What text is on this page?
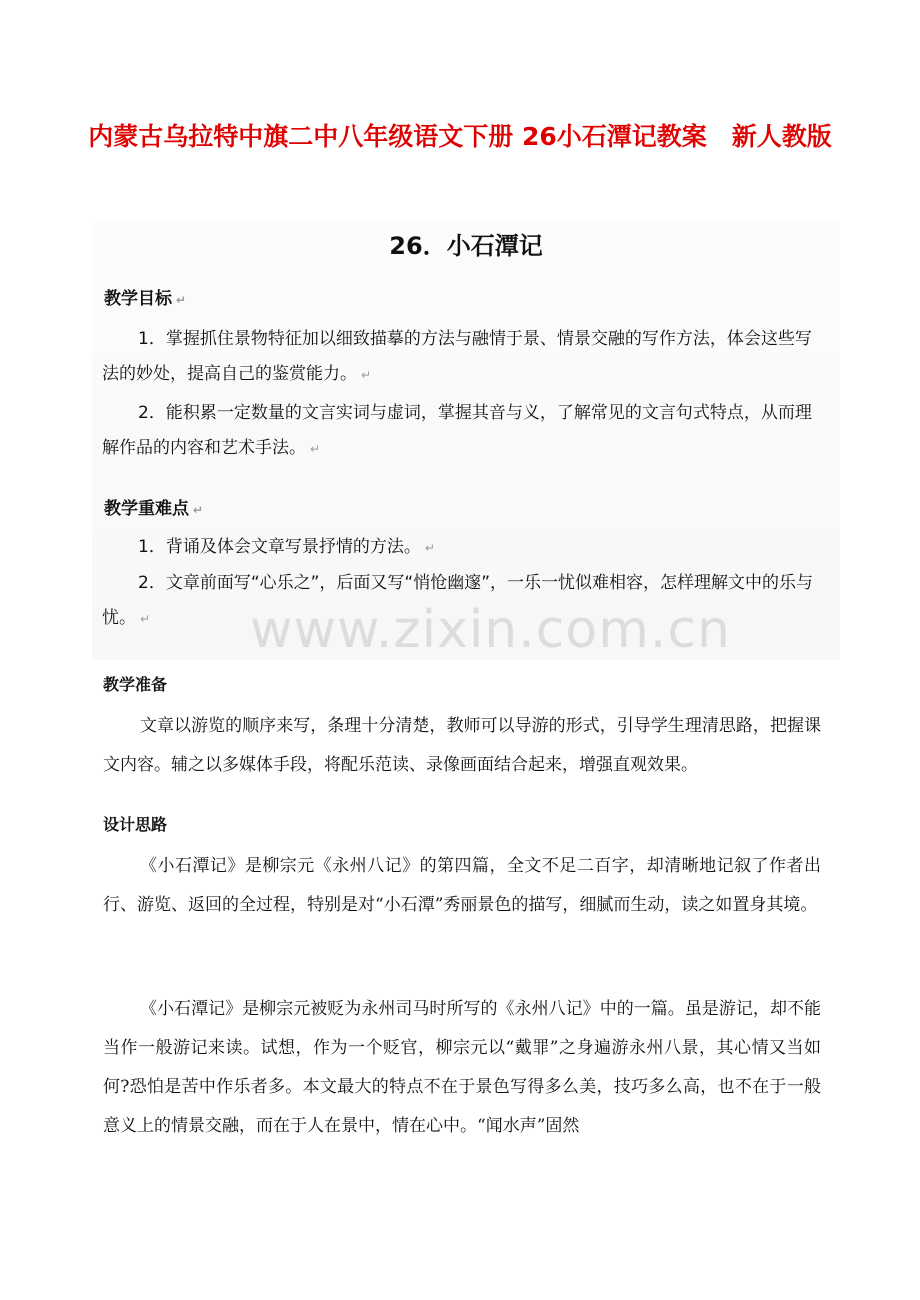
内蒙古乌拉特中旗二中八年级语文下册 26小石潭记教案　新人教版
26．小石潭记
教学目标 ↵
1．掌握抓住景物特征加以细致描摹的方法与融情于景、情景交融的写作方法，体会这些写法的妙处，提高自己的鉴赏能力。 ↵
2．能积累一定数量的文言实词与虚词，掌握其音与义，了解常见的文言句式特点，从而理解作品的内容和艺术手法。 ↵
教学重难点 ↵
1．背诵及体会文章写景抒情的方法。 ↵
2．文章前面写“心乐之”，后面又写“悄怆幽邃”，一乐一忧似难相容，怎样理解文中的乐与忧。 ↵	www.zixin.com.cn
教学准备

文章以游览的顺序来写，条理十分清楚，教师可以导游的形式，引导学生理清思路，把握课文内容。辅之以多媒体手段，将配乐范读、录像画面结合起来，增强直观效果。

设计思路

《小石潭记》是柳宗元《永州八记》的第四篇，全文不足二百字，却清晰地记叙了作者出行、游览、返回的全过程，特别是对“小石潭”秀丽景色的描写，细腻而生动，读之如置身其境。

《小石潭记》是柳宗元被贬为永州司马时所写的《永州八记》中的一篇。虽是游记，却不能当作一般游记来读。试想，作为一个贬官，柳宗元以“戴罪”之身遍游永州八景，其心情又当如何?恐怕是苦中作乐者多。本文最大的特点不在于景色写得多么美，技巧多么高，也不在于一般意义上的情景交融，而在于人在景中，情在心中。“闻水声”固然
